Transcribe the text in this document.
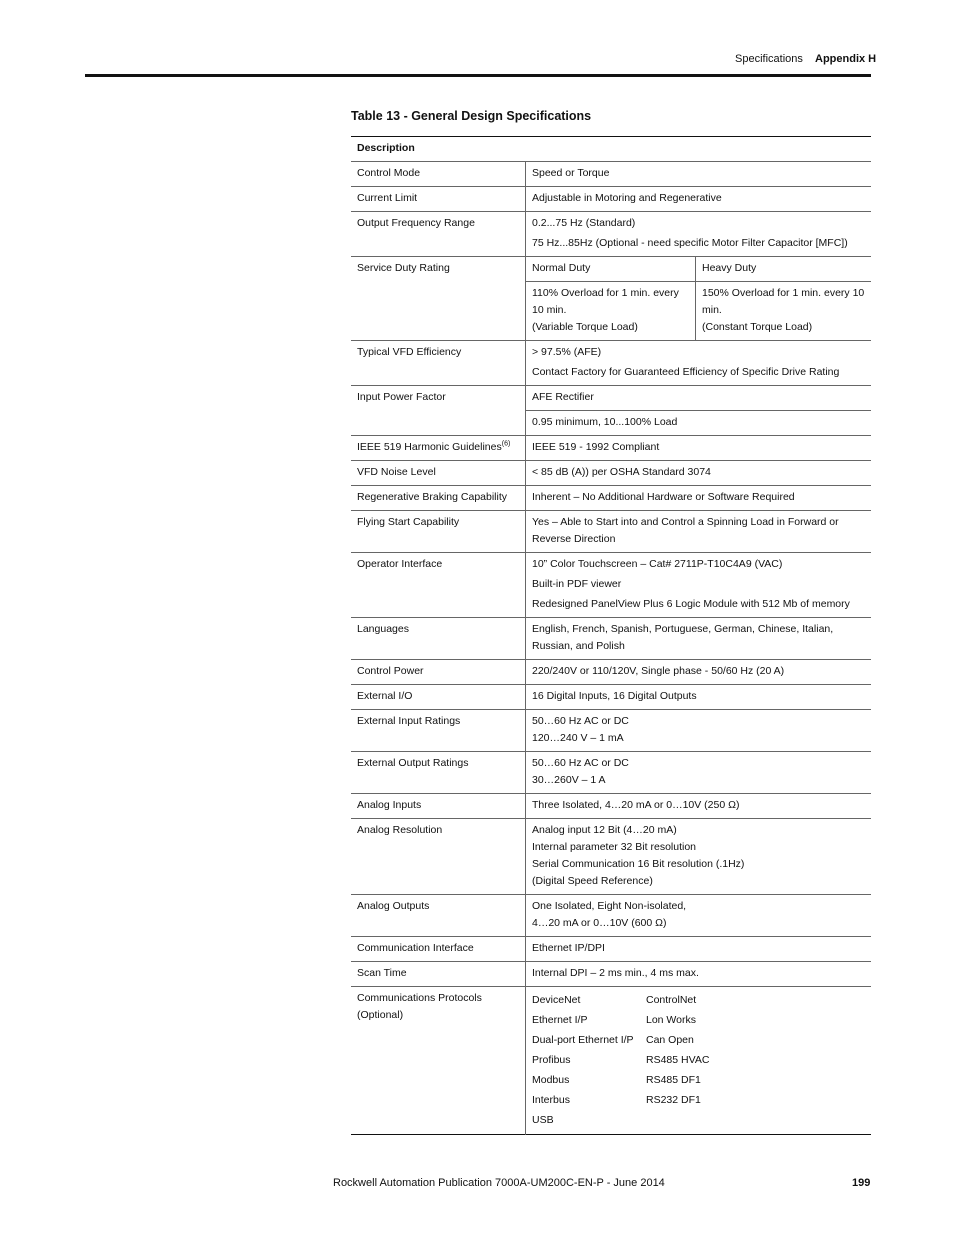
Specifications Appendix H
Table 13 - General Design Specifications
Description
Control Mode	Speed or Torque

Current Limit	Adjustable in Motoring and Regenerative

Output Frequency Range	0.2...75 Hz (Standard)
75 Hz...85Hz (Optional - need specific Motor Filter Capacitor [MFC])

Service Duty Rating	Normal Duty	Heavy Duty

110% Overload for 1 min. every 10 min.
(Variable Torque Load)

150% Overload for 1 min. every 10 min.
(Constant Torque Load)

Typical VFD Efficiency	> 97.5% (AFE)
Contact Factory for Guaranteed Efficiency of Specific Drive Rating

Input Power Factor	AFE Rectifier
0.95 minimum, 10...100% Load
IEEE 519 Harmonic Guidelines$^{(6)}$	IEEE 519 - 1992 Compliant

VFD Noise Level	< 85 dB (A)) per OSHA Standard 3074

Regenerative Braking Capability	Inherent – No Additional Hardware or Software Required

Flying Start Capability	Yes – Able to Start into and Control a Spinning Load in Forward or Reverse Direction

Operator Interface	10” Color Touchscreen – Cat# 2711P-T10C4A9 (VAC)
Built-in PDF viewer
Redesigned PanelView Plus 6 Logic Module with 512 Mb of memory

Languages	English, French, Spanish, Portuguese, German, Chinese, Italian, Russian, and Polish

Control Power	220/240V or 110/120V, Single phase - 50/60 Hz (20 A)

External I/O	16 Digital Inputs, 16 Digital Outputs

External Input Ratings	50…60 Hz AC or DC
120…240 V – 1 mA

External Output Ratings	50…60 Hz AC or DC
30…260V – 1 A

Analog Inputs	Three Isolated, 4…20 mA or 0…10V (250 Ω)

Analog Resolution	Analog input 12 Bit (4…20 mA)
Internal parameter 32 Bit resolution
Serial Communication 16 Bit resolution (.1Hz)
(Digital Speed Reference)

Analog Outputs	One Isolated, Eight Non-isolated,
4…20 mA or 0…10V (600 Ω)

Communication Interface	Ethernet IP/DPI

Scan Time	Internal DPI – 2 ms min., 4 ms max.

Communications Protocols
(Optional)

DeviceNet	ControlNet
Ethernet I/P	Lon Works
Dual-port Ethernet I/P	Can Open
Profibus	RS485 HVAC
Modbus	RS485 DF1
Interbus	RS232 DF1
USB	
Rockwell Automation Publication 7000A-UM200C-EN-P - June 2014	199
